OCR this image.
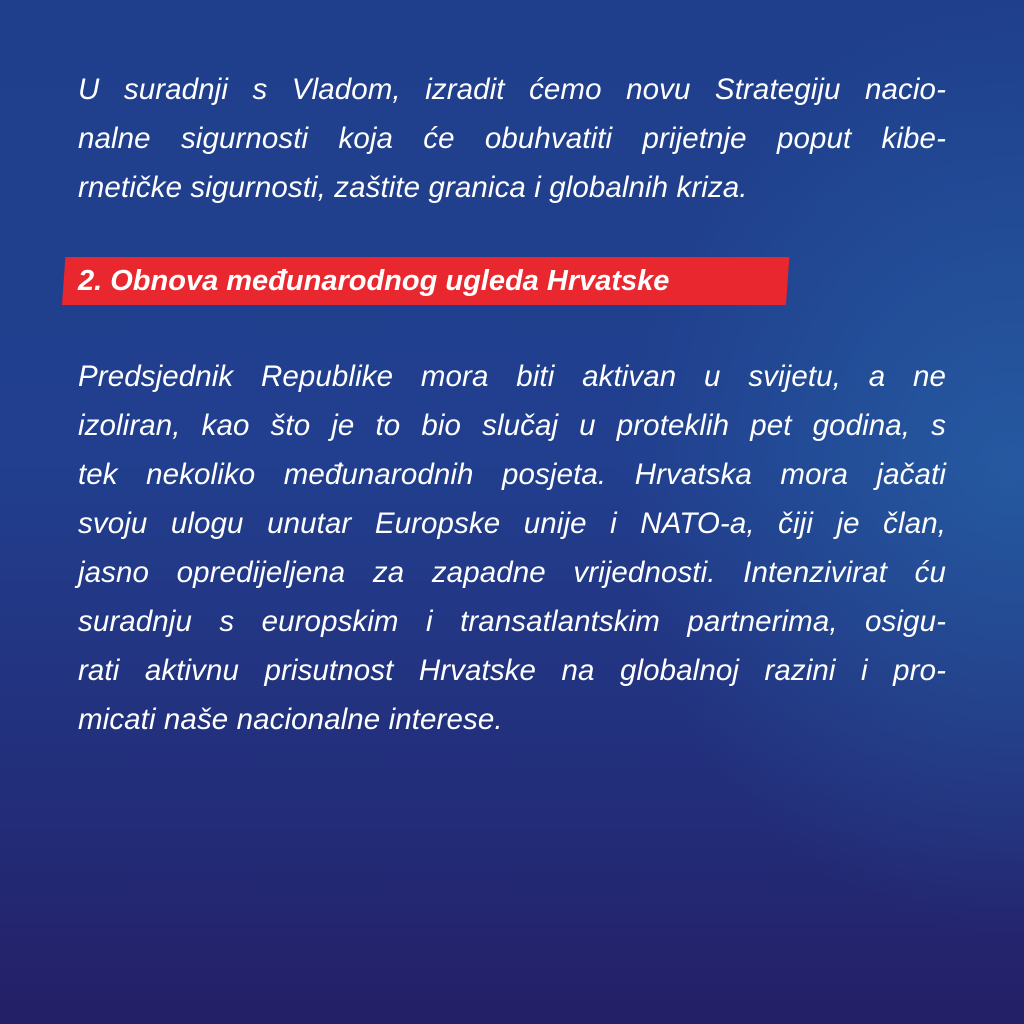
U suradnji s Vladom, izradit ćemo novu Strategiju nacio-

nalne sigurnosti koja će obuhvatiti prijetnje poput kibe-

rnetičke sigurnosti, zaštite granica i globalnih kriza.

2. Obnova međunarodnog ugleda Hrvatske

Predsjednik Republike mora biti aktivan u svijetu, a ne

izoliran, kao što je to bio slučaj u proteklih pet godina, s

tek nekoliko međunarodnih posjeta. Hrvatska mora jačati

svoju ulogu unutar Europske unije i NATO-a, čiji je član,

jasno opredijeljena za zapadne vrijednosti. Intenzivirat ću

suradnju s europskim i transatlantskim partnerima, osigu-

rati aktivnu prisutnost Hrvatske na globalnoj razini i pro-

micati naše nacionalne interese.
